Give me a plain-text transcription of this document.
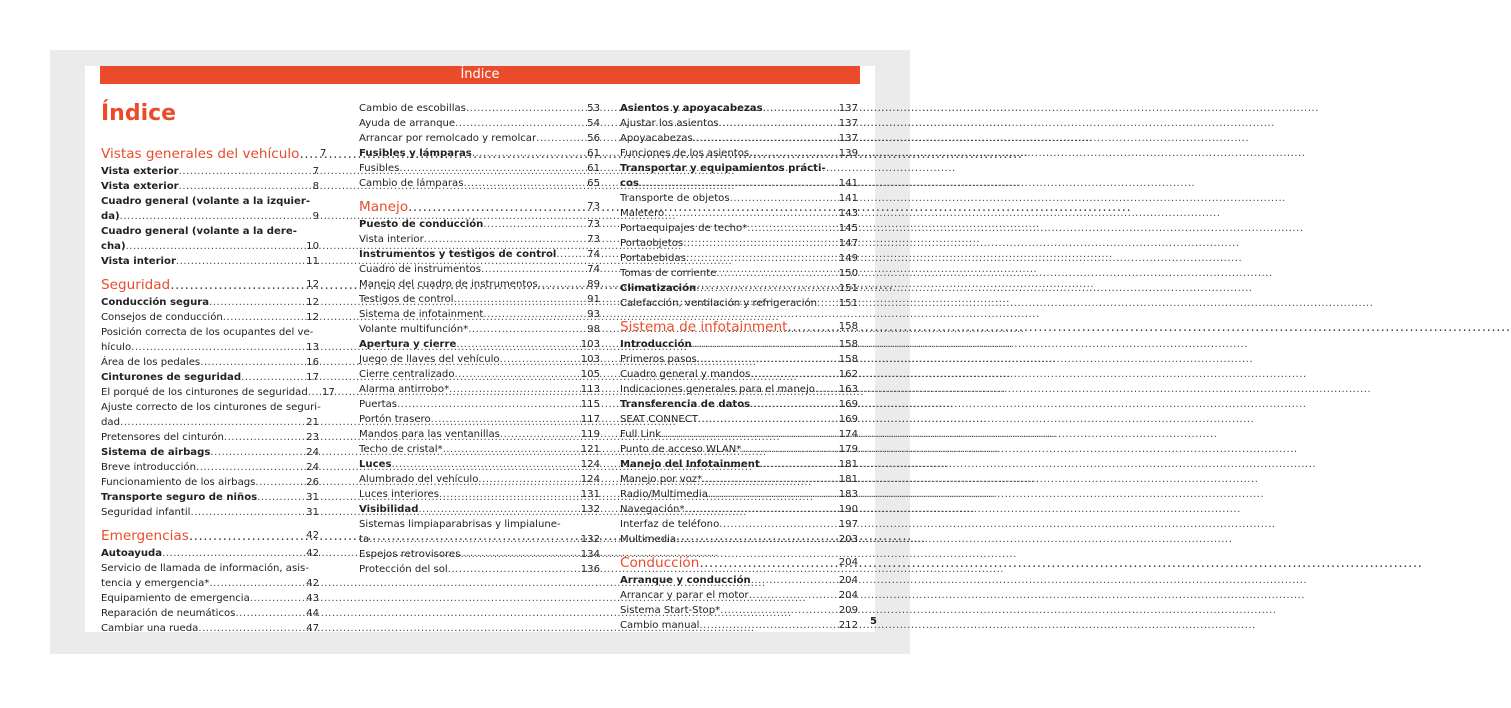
Índice
Índice
Vistas generales del vehículo .....	7
Vista exterior .....	7
Vista exterior .....	8
Cuadro general (volante a la izquier-
da) .....	9
Cuadro general (volante a la dere-
cha) .....	10
Vista interior .....	11
Seguridad .....	12
Conducción segura .....	12
Consejos de conducción .....	12
Posición correcta de los ocupantes del ve-
hículo .....	13
Área de los pedales .....	16
Cinturones de seguridad .....	17
El porqué de los cinturones de seguridad .....	17
Ajuste correcto de los cinturones de seguri-
dad .....	21
Pretensores del cinturón .....	23
Sistema de airbags .....	24
Breve introducción .....	24
Funcionamiento de los airbags .....	26
Transporte seguro de niños .....	31
Seguridad infantil .....	31
Emergencias .....	42
Autoayuda .....	42
Servicio de llamada de información, asis-
tencia y emergencia* .....	42
Equipamiento de emergencia .....	43
Reparación de neumáticos .....	44
Cambiar una rueda .....	47
Cambio de escobillas .....	53
Ayuda de arranque .....	54
Arrancar por remolcado y remolcar .....	56
Fusibles y lámparas .....	61
Fusibles .....	61
Cambio de lámparas .....	65
Manejo .....	73
Puesto de conducción .....	73
Vista interior .....	73
Instrumentos y testigos de control .....	74
Cuadro de instrumentos .....	74
Manejo del cuadro de instrumentos .....	89
Testigos de control .....	91
Sistema de infotainment .....	93
Volante multifunción* .....	98
Apertura y cierre .....	103
Juego de llaves del vehículo .....	103
Cierre centralizado .....	105
Alarma antirrobo* .....	113
Puertas .....	115
Portón trasero .....	117
Mandos para las ventanillas .....	119
Techo de cristal* .....	121
Luces .....	124
Alumbrado del vehículo .....	124
Luces interiores .....	131
Visibilidad .....	132
Sistemas limpiaparabrisas y limpialune-
ta .....	132
Espejos retrovisores .....	134
Protección del sol .....	136
Asientos y apoyacabezas .....	137
Ajustar los asientos .....	137
Apoyacabezas .....	137
Funciones de los asientos .....	139
Transportar y equipamientos prácti-
cos .....	141
Transporte de objetos .....	141
Maletero .....	143
Portaequipajes de techo* .....	145
Portaobjetos .....	147
Portabebidas .....	149
Tomas de corriente .....	150
Climatización .....	151
Calefacción, ventilación y refrigeración ..... 151
Sistema de infotainment .....	158
Introducción .....	158
Primeros pasos .....	158
Cuadro general y mandos .....	162
Indicaciones generales para el manejo ..... 163
Transferencia de datos .....	169
SEAT CONNECT .....	169
Full Link .....	174
Punto de acceso WLAN* .....	179
Manejo del Infotainment .....	181
Manejo por voz* .....	181
Radio/Multimedia .....	183
Navegación* .....	190
Interfaz de teléfono .....	197
Multimedia .....	203
Conducción .....	204
Arranque y conducción .....	204
Arrancar y parar el motor .....	204
Sistema Start-Stop* .....	209
Cambio manual .....	212 5
